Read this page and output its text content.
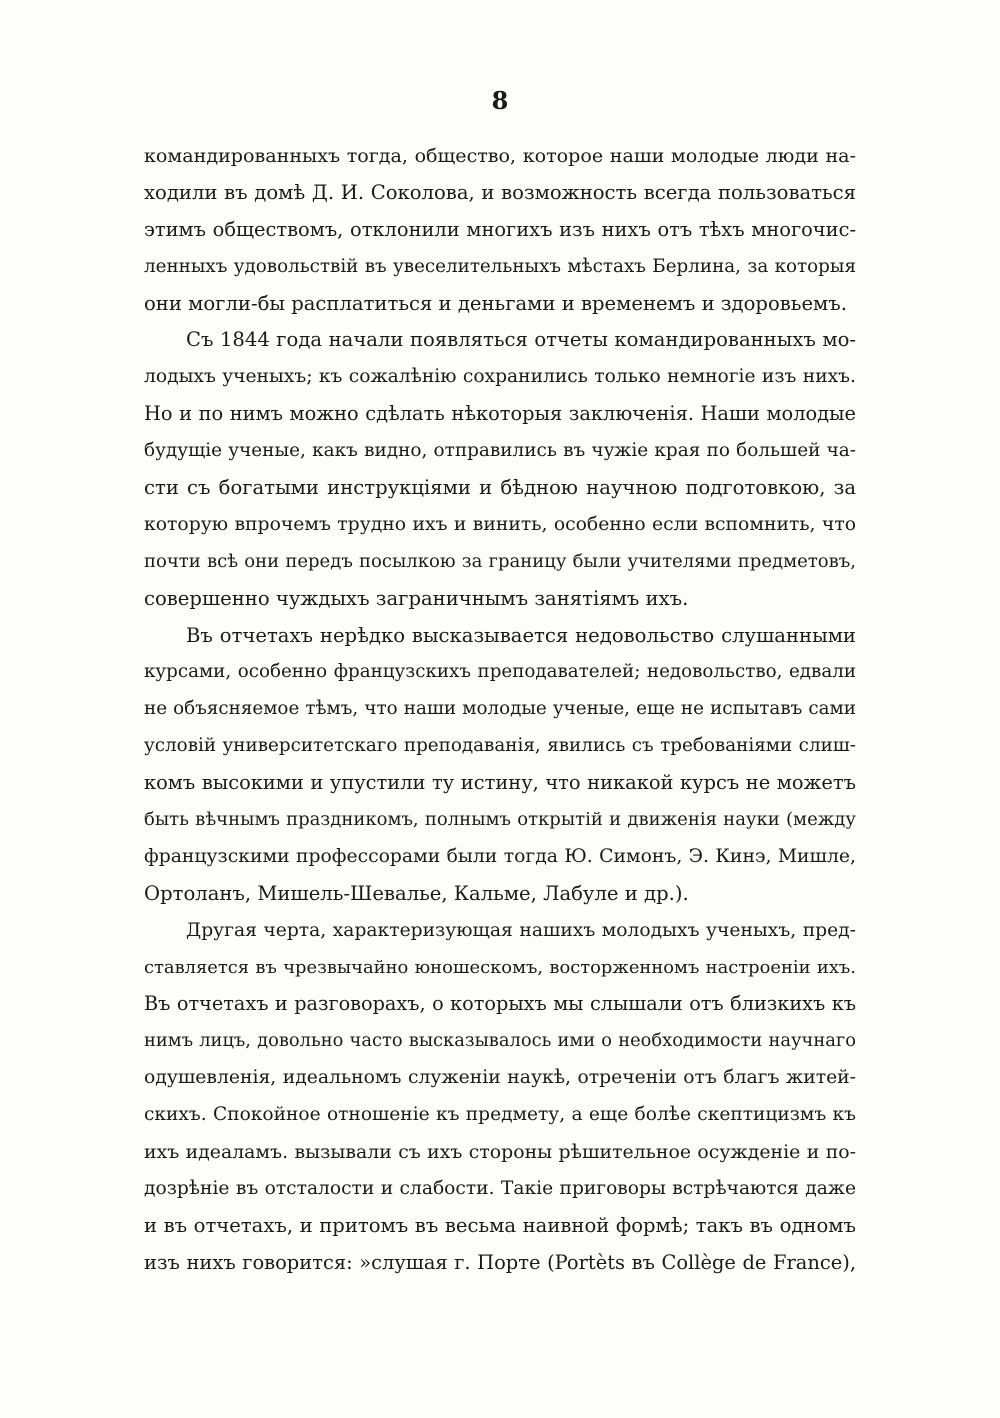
8
командированныхъ тогда, общество, которое наши молодые люди на-
ходили въ домѣ Д. И. Соколова, и возможность всегда пользоваться
этимъ обществомъ, отклонили многихъ изъ нихъ отъ тѣхъ многочис-
ленныхъ удовольствій въ увеселительныхъ мѣстахъ Берлина, за которыя
они могли-бы расплатиться и деньгами и временемъ и здоровьемъ.
Съ 1844 года начали появляться отчеты командированныхъ мо-
лодыхъ ученыхъ; къ сожалѣнію сохранились только немногіе изъ нихъ.
Но и по нимъ можно сдѣлать нѣкоторыя заключенія. Наши молодые
будущіе ученые, какъ видно, отправились въ чужіе края по большей ча-
сти съ богатыми инструкціями и бѣдною научною подготовкою, за
которую впрочемъ трудно ихъ и винить, особенно если вспомнить, что
почти всѣ они передъ посылкою за границу были учителями предметовъ,
совершенно чуждыхъ заграничнымъ занятіямъ ихъ.
Въ отчетахъ нерѣдко высказывается недовольство слушанными
курсами, особенно французскихъ преподавателей; недовольство, едвали
не объясняемое тѣмъ, что наши молодые ученые, еще не испытавъ сами
условій университетскаго преподаванія, явились съ требованіями слиш-
комъ высокими и упустили ту истину, что никакой курсъ не можетъ
быть вѣчнымъ праздникомъ, полнымъ открытій и движенія науки (между
французскими профессорами были тогда Ю. Симонъ, Э. Кинэ, Мишле,
Ортоланъ, Мишель-Шевалье, Кальме, Лабуле и др.).
Другая черта, характеризующая нашихъ молодыхъ ученыхъ, пред-
ставляется въ чрезвычайно юношескомъ, восторженномъ настроеніи ихъ.
Въ отчетахъ и разговорахъ, о которыхъ мы слышали отъ близкихъ къ
нимъ лицъ, довольно часто высказывалось ими о необходимости научнаго
одушевленія, идеальномъ служеніи наукѣ, отреченіи отъ благъ житей-
скихъ. Спокойное отношеніе къ предмету, а еще болѣе скептицизмъ къ
ихъ идеаламъ. вызывали съ ихъ стороны рѣшительное осужденіе и по-
дозрѣніе въ отсталости и слабости. Такіе приговоры встрѣчаются даже
и въ отчетахъ, и притомъ въ весьма наивной формѣ; такъ въ одномъ
изъ нихъ говорится: »слушая г. Порте (Portèts въ Collège de France),
